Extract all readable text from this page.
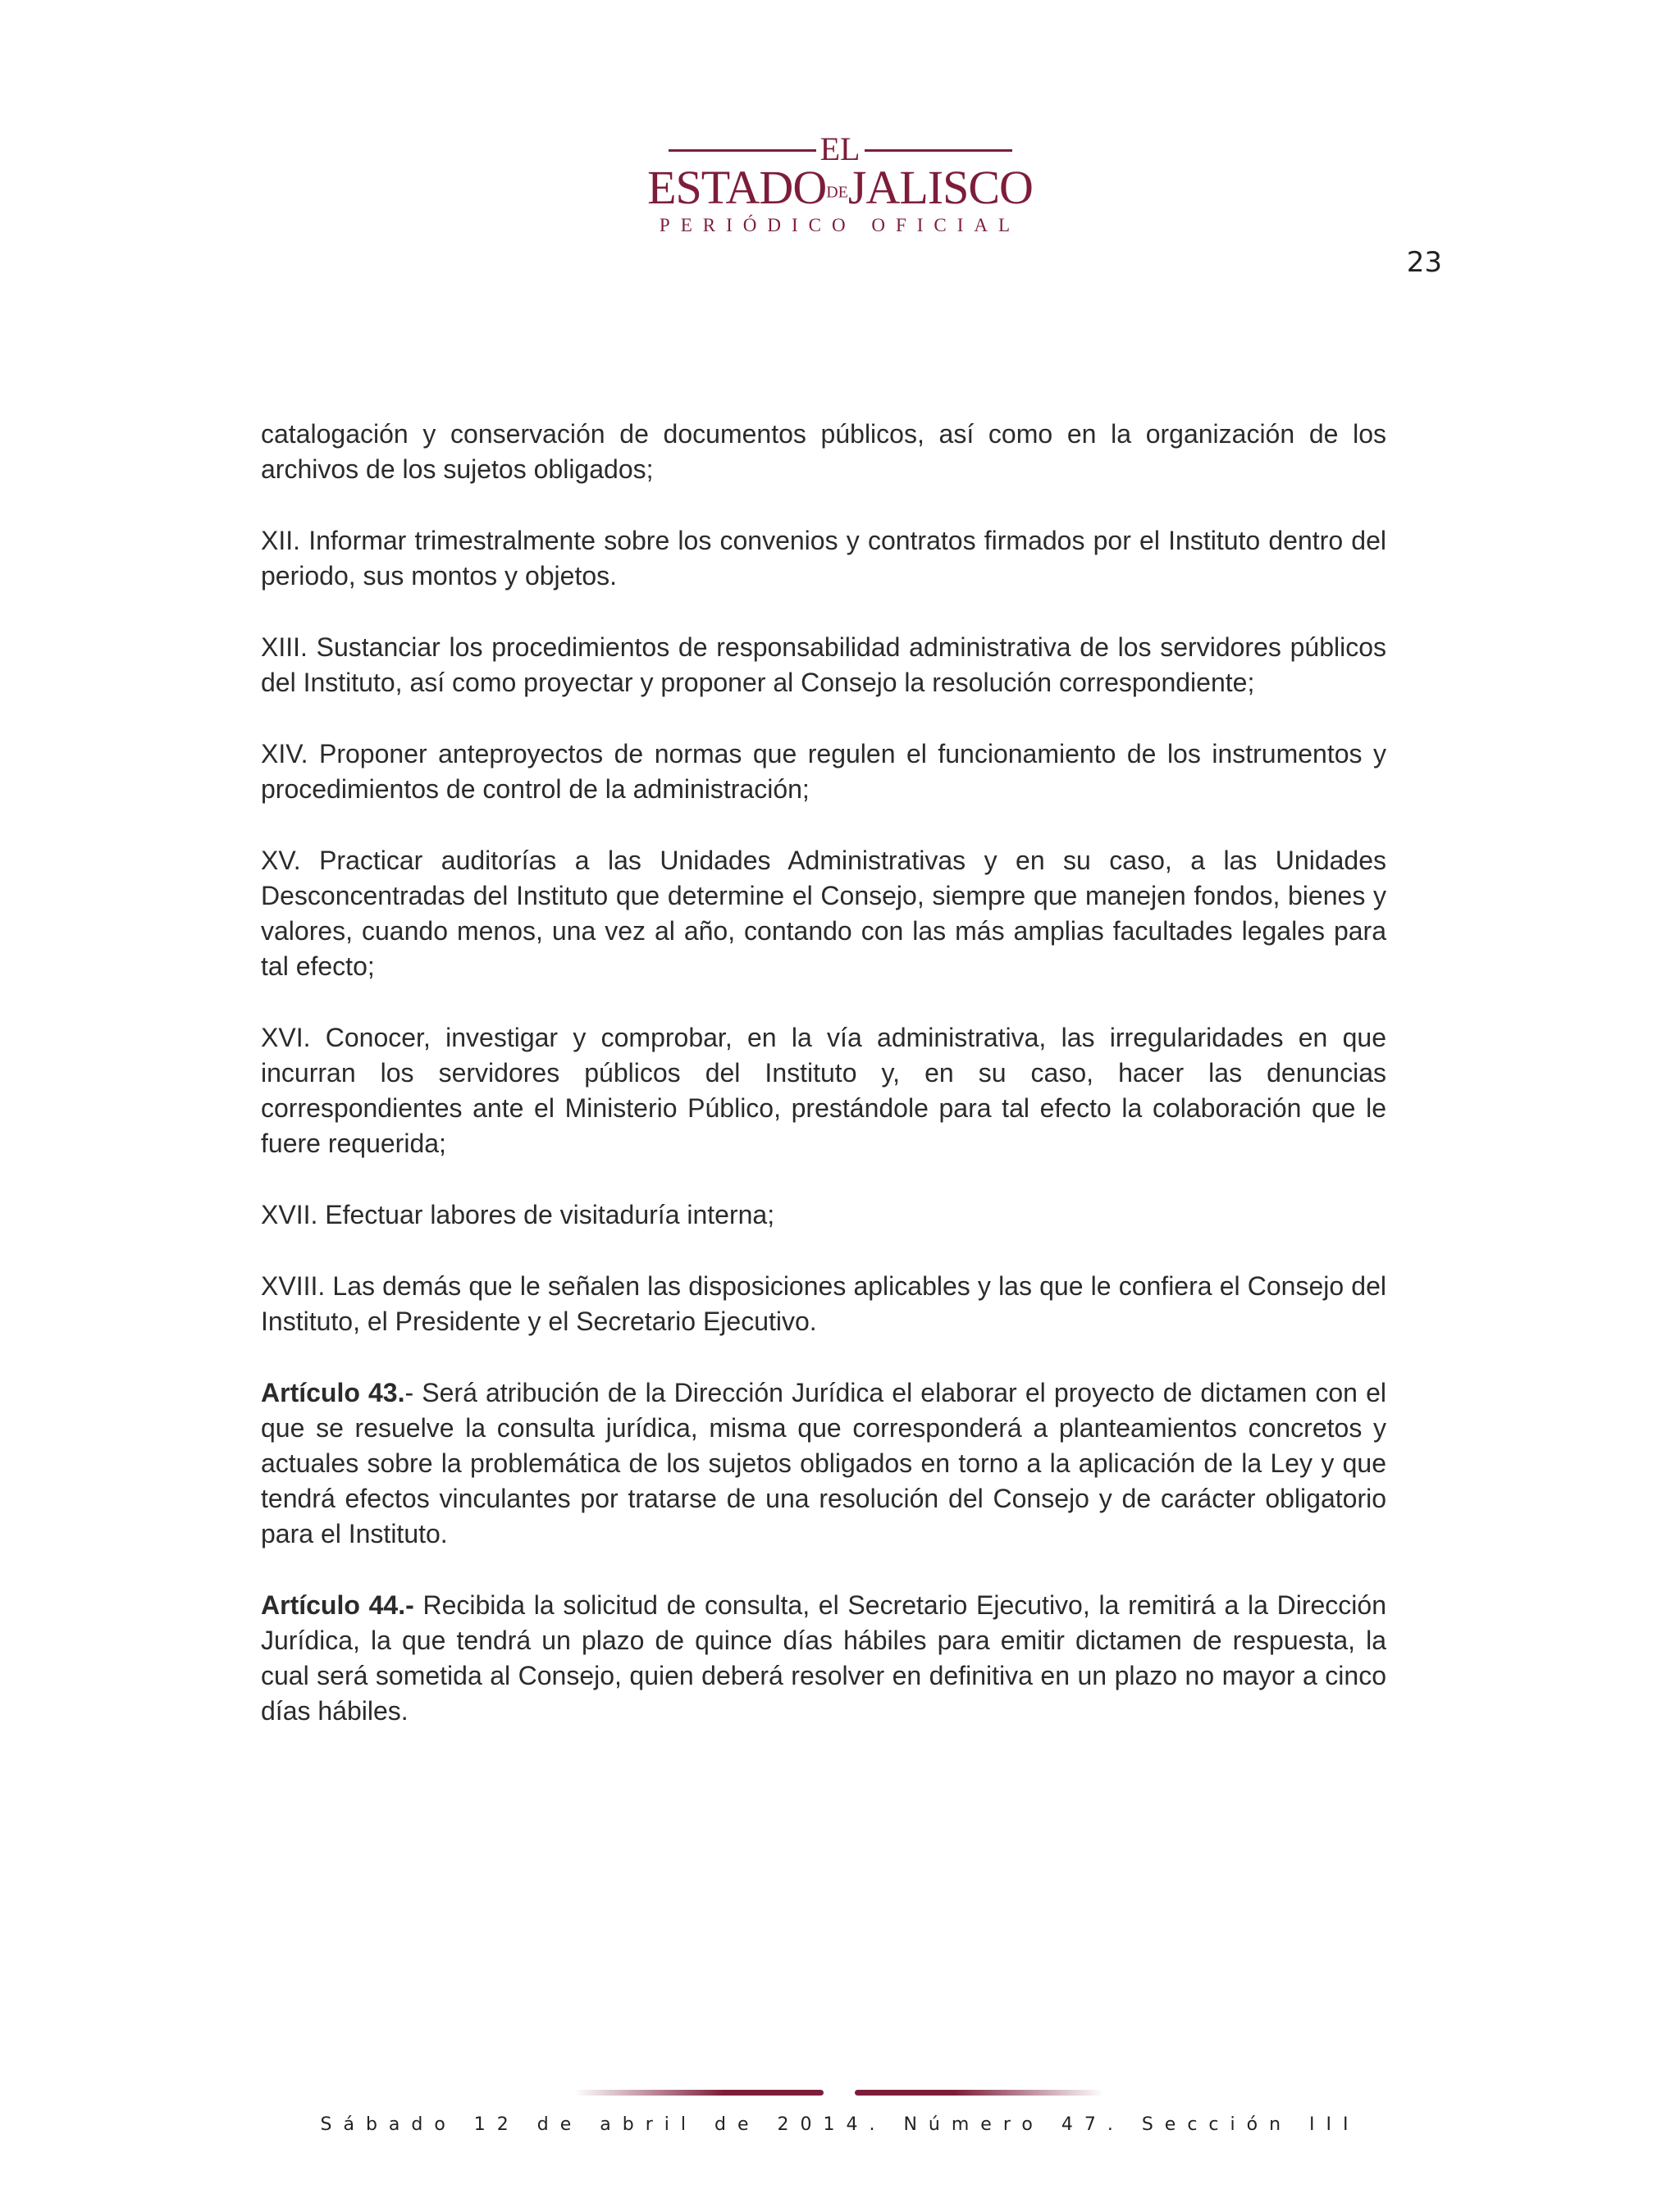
EL
ESTADODEJALISCO
PERIÓDICO OFICIAL
23

catalogación y conservación de documentos públicos, así como en la organización de los archivos de los sujetos obligados;

XII. Informar trimestralmente sobre los convenios y contratos firmados por el Instituto dentro del periodo, sus montos y objetos.

XIII. Sustanciar los procedimientos de responsabilidad administrativa de los servidores públicos del Instituto, así como proyectar y proponer al Consejo la resolución correspondiente;

XIV. Proponer anteproyectos de normas que regulen el funcionamiento de los instrumentos y procedimientos de control de la administración;

XV. Practicar auditorías a las Unidades Administrativas y en su caso, a las Unidades Desconcentradas del Instituto que determine el Consejo, siempre que manejen fondos, bienes y valores, cuando menos, una vez al año, contando con las más amplias facultades legales para tal efecto;

XVI. Conocer, investigar y comprobar, en la vía administrativa, las irregularidades en que incurran los servidores públicos del Instituto y, en su caso, hacer las denuncias correspondientes ante el Ministerio Público, prestándole para tal efecto la colaboración que le fuere requerida;

XVII. Efectuar labores de visitaduría interna;

XVIII. Las demás que le señalen las disposiciones aplicables y las que le confiera el Consejo del Instituto, el Presidente y el Secretario Ejecutivo.

Artículo 43.- Será atribución de la Dirección Jurídica el elaborar el proyecto de dictamen con el que se resuelve la consulta jurídica, misma que corresponderá a planteamientos concretos y actuales sobre la problemática de los sujetos obligados en torno a la aplicación de la Ley y que tendrá efectos vinculantes por tratarse de una resolución del Consejo y de carácter obligatorio para el Instituto.

Artículo 44.- Recibida la solicitud de consulta, el Secretario Ejecutivo, la remitirá a la Dirección Jurídica, la que tendrá un plazo de quince días hábiles para emitir dictamen de respuesta, la cual será sometida al Consejo, quien deberá resolver en definitiva en un plazo no mayor a cinco días hábiles.

Sábado 12 de abril de 2014. Número 47. Sección III
